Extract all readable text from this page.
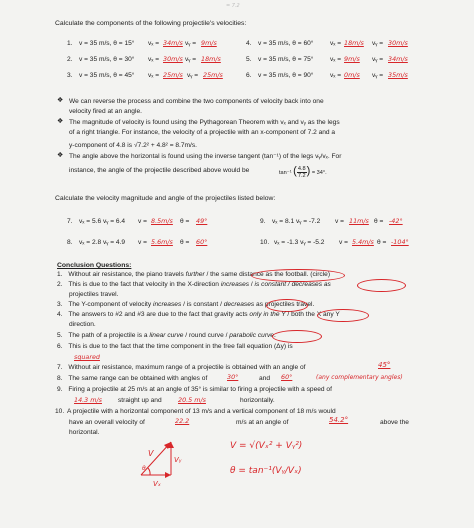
= 7.2
Calculate the components of the following projectile's velocities:
1. v = 35 m/s, θ = 15° vₓ = 34m/s vᵧ = 9m/s	4. v = 35 m/s, θ = 60°	vₓ = 18m/s vᵧ = 30m/s
2. v = 35 m/s, θ = 30° vₓ = 30m/s vᵧ = 18m/s	5. v = 35 m/s, θ = 75°	vₓ = 9m/s vᵧ = 34m/s
3. v = 35 m/s, θ = 45° vₓ = 25m/s vᵧ = 25m/s	6. v = 35 m/s, θ = 90°	vₓ = 0m/s vᵧ = 35m/s
❖ We can reverse the process and combine the two components of velocity back into one
velocity fired at an angle.
❖ The magnitude of velocity is found using the Pythagorean Theorem with vₓ and vᵧ as the legs
of a right triangle. For instance, the velocity of a projectile with an x-component of 7.2 and a
y-component of 4.8 is √7.2² + 4.8² = 8.7m/s.
❖ The angle above the horizontal is found using the inverse tangent (tan⁻¹) of the legs vᵧ/vₓ. For
instance, the angle of the projectile described above would be	tan⁻¹ ( $\frac{4.8}{7.2}$ ) = 34°.
Calculate the velocity magnitude and angle of the projectiles listed below:
7. vₓ = 5.6 vᵧ = 6.4 v = 8.5m/s θ = 49°
8. vₓ = 2.8 vᵧ = 4.9 v = 5.6m/s θ = 60°
9. vₓ = 8.1 vᵧ = -7.2 v = 11m/s θ = -42°
10. vₓ = -1.3 vᵧ = -5.2 v = 5.4m/s θ = -104°
Conclusion Questions:
1. Without air resistance, the piano travels further / the same distance as the football. (circle)
2. This is due to the fact that velocity in the X-direction increases / is constant / decreases as
projectiles travel.
3. The Y-component of velocity increases / is constant / decreases as projectiles travel.
4. The answers to #2 and #3 are due to the fact that gravity acts only in the Y / both the X any Y
direction.
5. The path of a projectile is a linear curve / round curve / parabolic curve.
6. This is due to the fact that the time component in the free fall equation (Δy) is
squared
7. Without air resistance, maximum range of a projectile is obtained with an angle of	45°
8. The same range can be obtained with angles of	30°	and 60°	(any complementary angles)
9. Firing a projectile at 25 m/s at an angle of 35° is similar to firing a projectile with a speed of
14.3 m/s straight up and	20.5 m/s	horizontally.
10. A projectile with a horizontal component of 13 m/s and a vertical component of 18 m/s would
have an overall velocity of	22.2	m/s at an angle of	54.2°	above the
horizontal.
V
Vᵧ
Vₓ
θ
V = √(Vₓ² + Vᵧ²)
θ = tan⁻¹(Vᵧ/Vₓ)
